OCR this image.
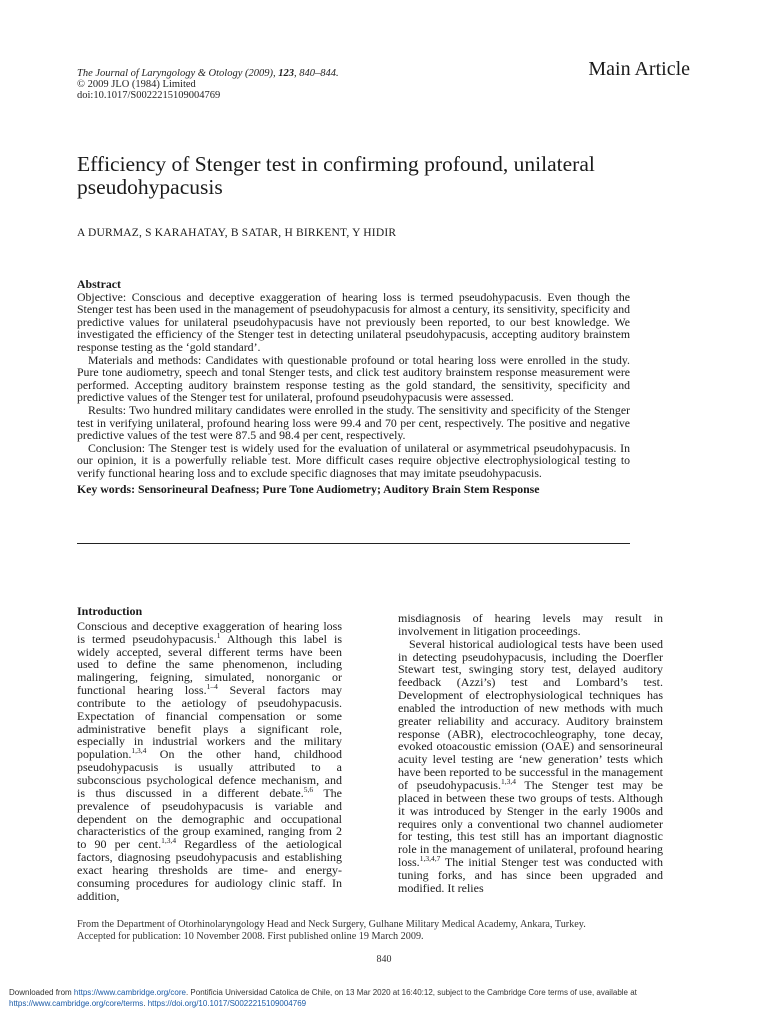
The Journal of Laryngology & Otology (2009), 123, 840–844.
© 2009 JLO (1984) Limited
doi:10.1017/S0022215109004769
Main Article
Efficiency of Stenger test in confirming profound, unilateral pseudohypacusis
A DURMAZ, S KARAHATAY, B SATAR, H BIRKENT, Y HIDIR
Abstract

Objective: Conscious and deceptive exaggeration of hearing loss is termed pseudohypacusis. Even though the Stenger test has been used in the management of pseudohypacusis for almost a century, its sensitivity, specificity and predictive values for unilateral pseudohypacusis have not previously been reported, to our best knowledge. We investigated the efficiency of the Stenger test in detecting unilateral pseudohypacusis, accepting auditory brainstem response testing as the ‘gold standard’.

Materials and methods: Candidates with questionable profound or total hearing loss were enrolled in the study. Pure tone audiometry, speech and tonal Stenger tests, and click test auditory brainstem response measurement were performed. Accepting auditory brainstem response testing as the gold standard, the sensitivity, specificity and predictive values of the Stenger test for unilateral, profound pseudohypacusis were assessed.

Results: Two hundred military candidates were enrolled in the study. The sensitivity and specificity of the Stenger test in verifying unilateral, profound hearing loss were 99.4 and 70 per cent, respectively. The positive and negative predictive values of the test were 87.5 and 98.4 per cent, respectively.

Conclusion: The Stenger test is widely used for the evaluation of unilateral or asymmetrical pseudohypacusis. In our opinion, it is a powerfully reliable test. More difficult cases require objective electrophysiological testing to verify functional hearing loss and to exclude specific diagnoses that may imitate pseudohypacusis.

Key words: Sensorineural Deafness; Pure Tone Audiometry; Auditory Brain Stem Response
Introduction

Conscious and deceptive exaggeration of hearing loss is termed pseudohypacusis.$^1$ Although this label is widely accepted, several different terms have been used to define the same phenomenon, including malingering, feigning, simulated, nonorganic or functional hearing loss.$^{1-4}$ Several factors may contribute to the aetiology of pseudohypacusis. Expectation of financial compensation or some administrative benefit plays a significant role, especially in industrial workers and the military population.$^{1,3,4}$ On the other hand, childhood pseudohypacusis is usually attributed to a subconscious psychological defence mechanism, and is thus discussed in a different debate.$^{5,6}$ The prevalence of pseudohypacusis is variable and dependent on the demographic and occupational characteristics of the group examined, ranging from 2 to 90 per cent.$^{1,3,4}$ Regardless of the aetiological factors, diagnosing pseudohypacusis and establishing exact hearing thresholds are time- and energy-consuming procedures for audiology clinic staff. In addition,

misdiagnosis of hearing levels may result in involvement in litigation proceedings.

Several historical audiological tests have been used in detecting pseudohypacusis, including the Doerfler Stewart test, swinging story test, delayed auditory feedback (Azzi’s) test and Lombard’s test. Development of electrophysiological techniques has enabled the introduction of new methods with much greater reliability and accuracy. Auditory brainstem response (ABR), electrocochleography, tone decay, evoked otoacoustic emission (OAE) and sensorineural acuity level testing are ‘new generation’ tests which have been reported to be successful in the management of pseudohypacusis.$^{1,3,4}$ The Stenger test may be placed in between these two groups of tests. Although it was introduced by Stenger in the early 1900s and requires only a conventional two channel audiometer for testing, this test still has an important diagnostic role in the management of unilateral, profound hearing loss.$^{1,3,4,7}$ The initial Stenger test was conducted with tuning forks, and has since been upgraded and modified. It relies

From the Department of Otorhinolaryngology Head and Neck Surgery, Gulhane Military Medical Academy, Ankara, Turkey.
Accepted for publication: 10 November 2008. First published online 19 March 2009.
840
Downloaded from https://www.cambridge.org/core. Pontificia Universidad Catolica de Chile, on 13 Mar 2020 at 16:40:12, subject to the Cambridge Core terms of use, available at
https://www.cambridge.org/core/terms. https://doi.org/10.1017/S0022215109004769
